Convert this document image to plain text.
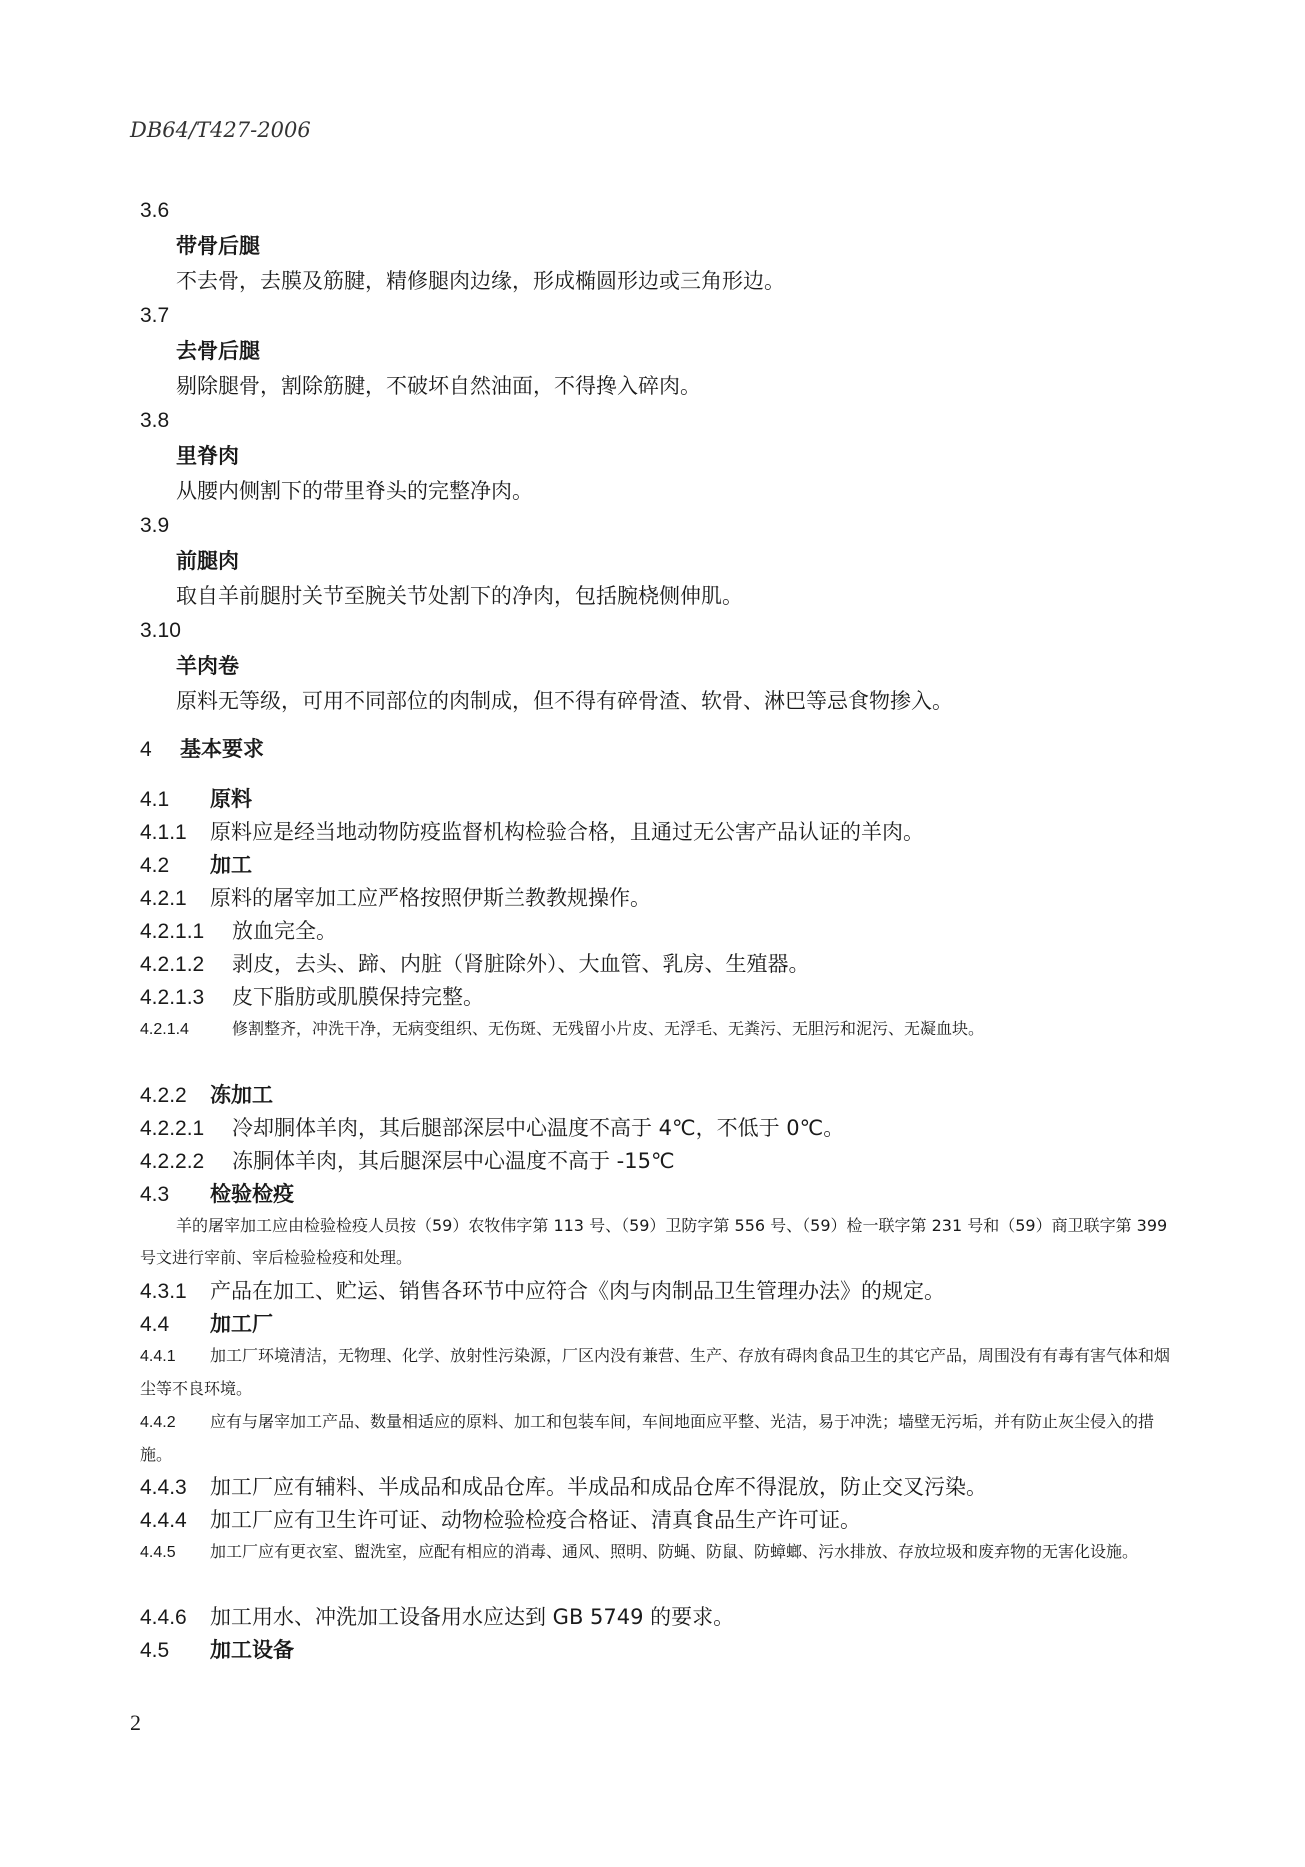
DB64/T427-2006
3.6
带骨后腿
不去骨，去膜及筋腱，精修腿肉边缘，形成椭圆形边或三角形边。
3.7
去骨后腿
剔除腿骨，割除筋腱，不破坏自然油面，不得搀入碎肉。
3.8
里脊肉
从腰内侧割下的带里脊头的完整净肉。
3.9
前腿肉
取自羊前腿肘关节至腕关节处割下的净肉，包括腕桡侧伸肌。
3.10
羊肉卷
原料无等级，可用不同部位的肉制成，但不得有碎骨渣、软骨、淋巴等忌食物掺入。
4 基本要求
4.1 原料
4.1.1 原料应是经当地动物防疫监督机构检验合格，且通过无公害产品认证的羊肉。
4.2 加工
4.2.1 原料的屠宰加工应严格按照伊斯兰教教规操作。
4.2.1.1 放血完全。
4.2.1.2 剥皮，去头、蹄、内脏（肾脏除外）、大血管、乳房、生殖器。
4.2.1.3 皮下脂肪或肌膜保持完整。
4.2.1.4	修割整齐，冲洗干净，无病变组织、无伤斑、无残留小片皮、无浮毛、无粪污、无胆污和泥污、无凝血块。
4.2.2 冻加工
4.2.2.1 冷却胴体羊肉，其后腿部深层中心温度不高于 4℃，不低于 0℃。
4.2.2.2 冻胴体羊肉，其后腿深层中心温度不高于 -15℃
4.3 检验检疫
羊的屠宰加工应由检验检疫人员按（59）农牧伟字第 113 号、（59）卫防字第 556 号、（59）检一联字第 231 号和（59）商卫联字第 399 号文进行宰前、宰后检验检疫和处理。
4.3.1 产品在加工、贮运、销售各环节中应符合《肉与肉制品卫生管理办法》的规定。
4.4 加工厂
4.4.1 加工厂环境清洁，无物理、化学、放射性污染源，厂区内没有兼营、生产、存放有碍肉食品卫生的其它产品，周围没有有毒有害气体和烟尘等不良环境。
4.4.2 应有与屠宰加工产品、数量相适应的原料、加工和包装车间，车间地面应平整、光洁，易于冲洗；墙壁无污垢，并有防止灰尘侵入的措施。
4.4.3 加工厂应有辅料、半成品和成品仓库。半成品和成品仓库不得混放，防止交叉污染。
4.4.4 加工厂应有卫生许可证、动物检验检疫合格证、清真食品生产许可证。
4.4.5 加工厂应有更衣室、盥洗室，应配有相应的消毒、通风、照明、防蝇、防鼠、防蟑螂、污水排放、存放垃圾和废弃物的无害化设施。
4.4.6 加工用水、冲洗加工设备用水应达到 GB 5749 的要求。
4.5 加工设备
2
